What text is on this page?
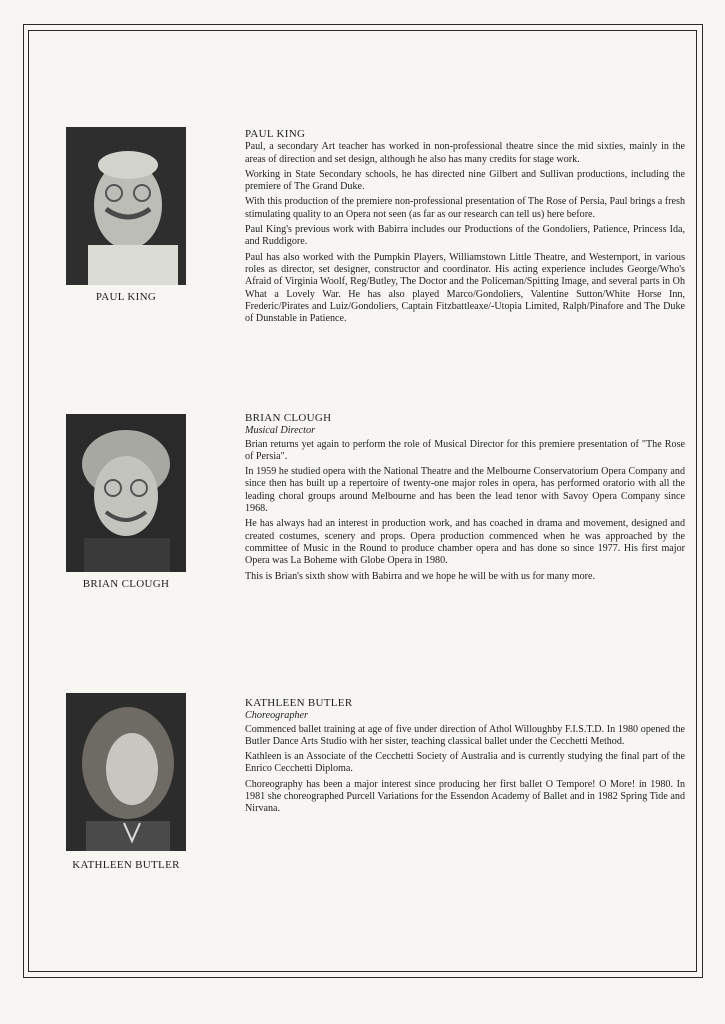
PAUL KING
PAUL KING

Paul, a secondary Art teacher has worked in non-professional theatre since the mid sixties, mainly in the areas of direction and set design, although he also has many credits for stage work.

Working in State Secondary schools, he has directed nine Gilbert and Sullivan productions, including the premiere of The Grand Duke.

With this production of the premiere non-professional presentation of The Rose of Persia, Paul brings a fresh stimulating quality to an Opera not seen (as far as our research can tell us) here before.

Paul King's previous work with Babirra includes our Productions of the Gondoliers, Patience, Princess Ida, and Ruddigore.

Paul has also worked with the Pumpkin Players, Williamstown Little Theatre, and Westernport, in various roles as director, set designer, constructor and coordinator. His acting experience includes George/Who's Afraid of Virginia Woolf, Reg/Butley, The Doctor and the Policeman/Spitting Image, and several parts in Oh What a Lovely War. He has also played Marco/Gondoliers, Valentine Sutton/White Horse Inn, Frederic/Pirates and Luiz/Gondoliers, Captain Fitzbattleaxe/-Utopia Limited, Ralph/Pinafore and The Duke of Dunstable in Patience.

BRIAN CLOUGH
BRIAN CLOUGH
Musical Director

Brian returns yet again to perform the role of Musical Director for this premiere presentation of "The Rose of Persia".

In 1959 he studied opera with the National Theatre and the Melbourne Conservatorium Opera Company and since then has built up a repertoire of twenty-one major roles in opera, has performed oratorio with all the leading choral groups around Melbourne and has been the lead tenor with Savoy Opera Company since 1968.

He has always had an interest in production work, and has coached in drama and movement, designed and created costumes, scenery and props. Opera production commenced when he was approached by the committee of Music in the Round to produce chamber opera and has done so since 1977. His first major Opera was La Boheme with Globe Opera in 1980.

This is Brian's sixth show with Babirra and we hope he will be with us for many more.

KATHLEEN BUTLER
KATHLEEN BUTLER
Choreographer

Commenced ballet training at age of five under direction of Athol Willoughby F.I.S.T.D. In 1980 opened the Butler Dance Arts Studio with her sister, teaching classical ballet under the Cecchetti Method.

Kathleen is an Associate of the Cecchetti Society of Australia and is currently studying the final part of the Enrico Cecchetti Diploma.

Choreography has been a major interest since producing her first ballet O Tempore! O More! in 1980. In 1981 she choreographed Purcell Variations for the Essendon Academy of Ballet and in 1982 Spring Tide and Nirvana.
